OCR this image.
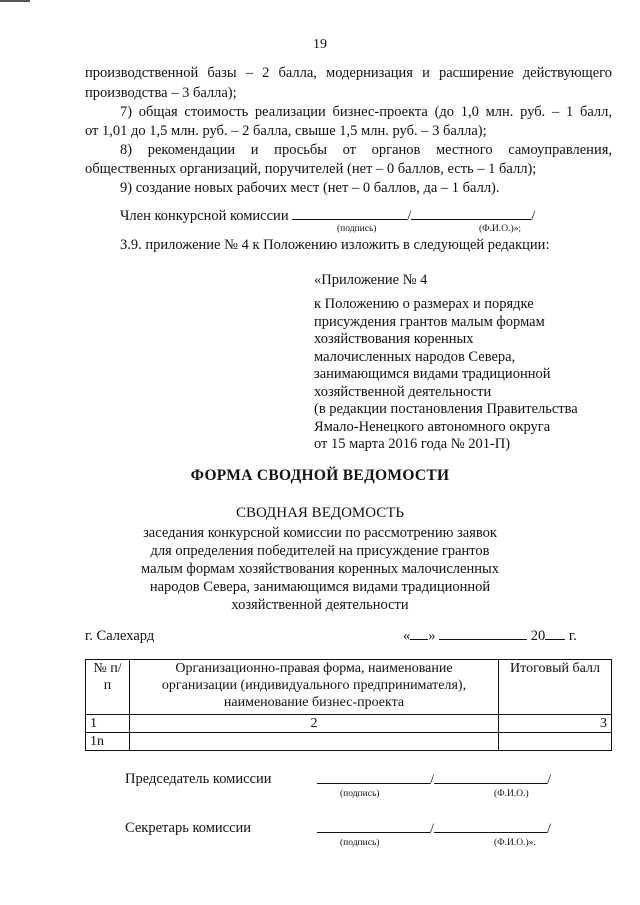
19
производственной базы – 2 балла, модернизация и расширение действующего
производства – 3 балла);
7) общая стоимость реализации бизнес-проекта (до 1,0 млн. руб. – 1 балл,
от 1,01 до 1,5 млн. руб. – 2 балла, свыше 1,5 млн. руб. – 3 балла);
8) рекомендации и просьбы от органов местного самоуправления,
общественных организаций, поручителей (нет – 0 баллов, есть – 1 балл);
9) создание новых рабочих мест (нет – 0 баллов, да – 1 балл).
Член конкурсной комиссии	/	/
(подпись)	(Ф.И.О.)»;
3.9. приложение № 4 к Положению изложить в следующей редакции:
«Приложение № 4
к Положению о размерах и порядке
присуждения грантов малым формам
хозяйствования коренных
малочисленных народов Севера,
занимающимся видами традиционной
хозяйственной деятельности
(в редакции постановления Правительства
Ямало-Ненецкого автономного округа
от 15 марта 2016 года № 201-П)
ФОРМА СВОДНОЙ ВЕДОМОСТИ
СВОДНАЯ ВЕДОМОСТЬ
заседания конкурсной комиссии по рассмотрению заявок
для определения победителей на присуждение грантов
малым формам хозяйствования коренных малочисленных
народов Севера, занимающимся видами традиционной
хозяйственной деятельности
г. Салехард	« »	20 г.
№ п/п	Организационно-правая форма, наименование организации (индивидуального предпринимателя), наименование бизнес-проекта	Итоговый балл
1	2	3
1n		
Председатель комиссии	/	/
(подпись)	(Ф.И.О.)
Секретарь комиссии	/	/
(подпись)	(Ф.И.О.)».
